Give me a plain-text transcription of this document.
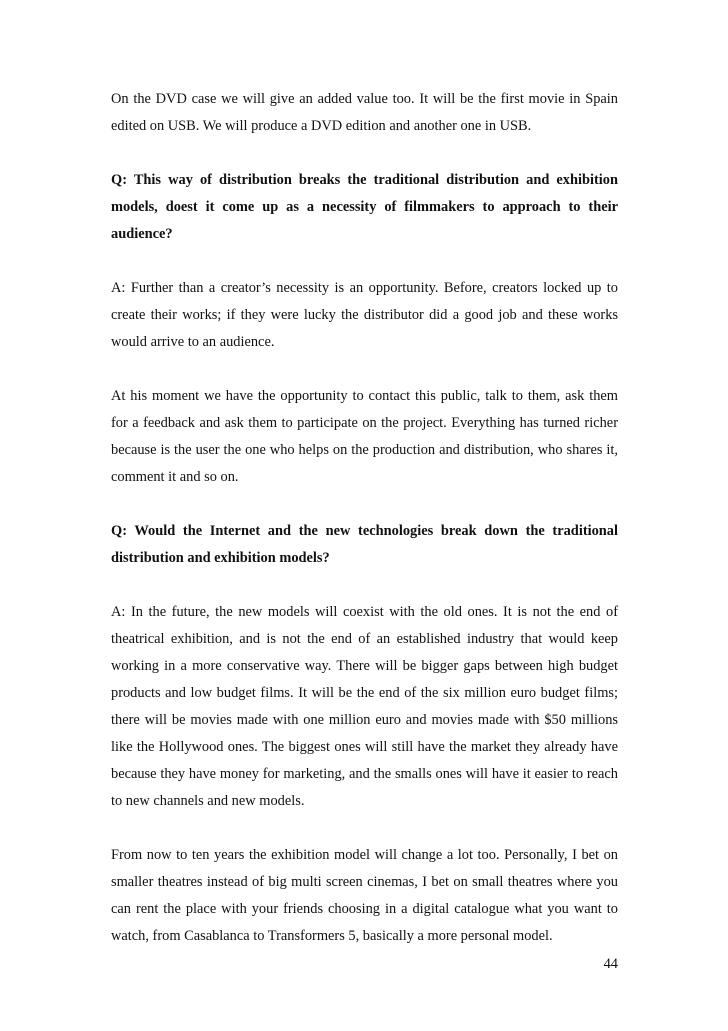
On the DVD case we will give an added value too. It will be the first movie in Spain edited on USB. We will produce a DVD edition and another one in USB.

Q: This way of distribution breaks the traditional distribution and exhibition models, doest it come up as a necessity of filmmakers to approach to their audience?

A: Further than a creator’s necessity is an opportunity. Before, creators locked up to create their works; if they were lucky the distributor did a good job and these works would arrive to an audience.

At his moment we have the opportunity to contact this public, talk to them, ask them for a feedback and ask them to participate on the project. Everything has turned richer because is the user the one who helps on the production and distribution, who shares it, comment it and so on.

Q: Would the Internet and the new technologies break down the traditional distribution and exhibition models?

A: In the future, the new models will coexist with the old ones. It is not the end of theatrical exhibition, and is not the end of an established industry that would keep working in a more conservative way. There will be bigger gaps between high budget products and low budget films. It will be the end of the six million euro budget films; there will be movies made with one million euro and movies made with $50 millions like the Hollywood ones. The biggest ones will still have the market they already have because they have money for marketing, and the smalls ones will have it easier to reach to new channels and new models.

From now to ten years the exhibition model will change a lot too. Personally, I bet on smaller theatres instead of big multi screen cinemas, I bet on small theatres where you can rent the place with your friends choosing in a digital catalogue what you want to watch, from Casablanca to Transformers 5, basically a more personal model.

44
